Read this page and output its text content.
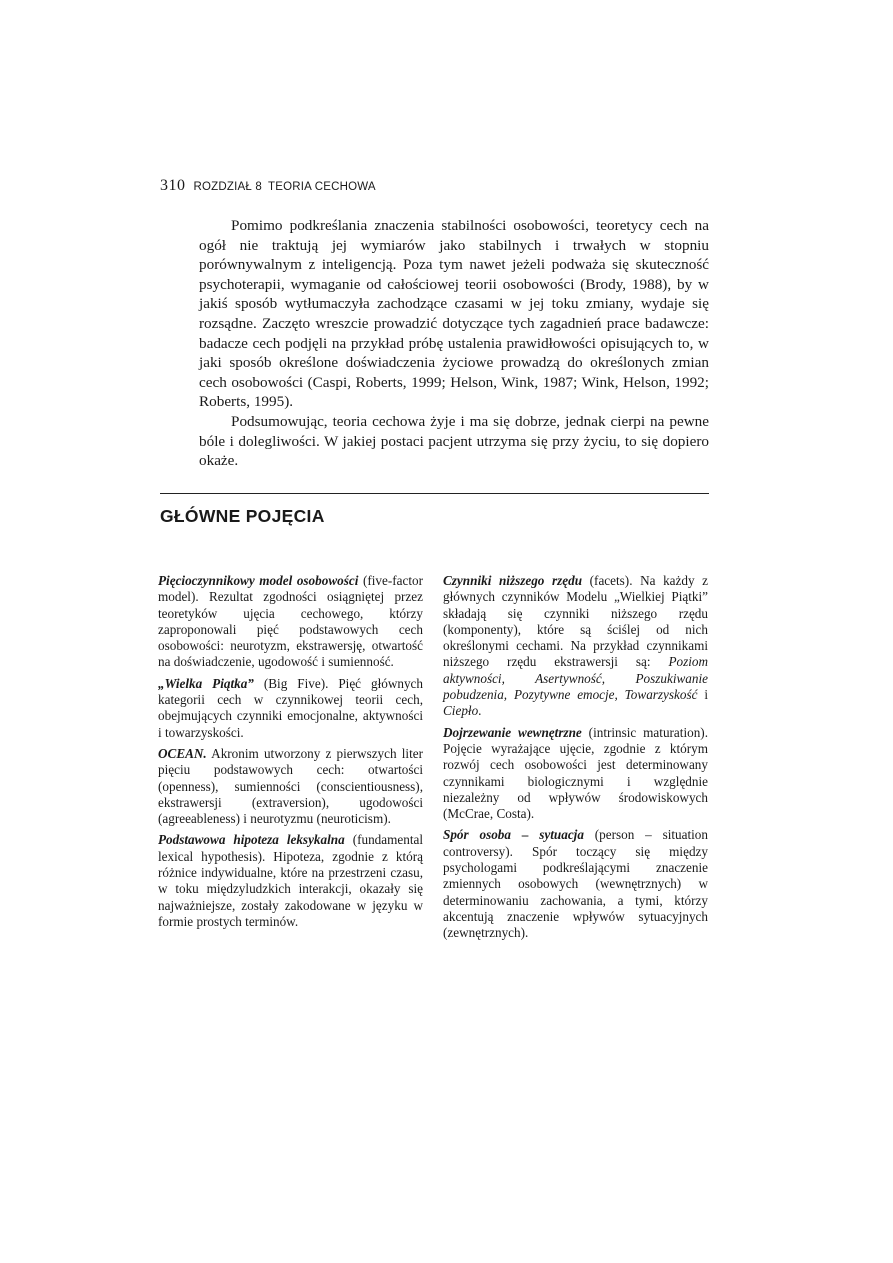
310 ROZDZIAŁ 8 TEORIA CECHOWA

Pomimo podkreślania znaczenia stabilności osobowości, teoretycy cech na ogół nie traktują jej wymiarów jako stabilnych i trwałych w stopniu porównywalnym z inteligencją. Poza tym nawet jeżeli podważa się skuteczność psychoterapii, wymaganie od całościowej teorii osobowości (Brody, 1988), by w jakiś sposób wytłumaczyła zachodzące czasami w jej toku zmiany, wydaje się rozsądne. Zaczęto wreszcie prowadzić dotyczące tych zagadnień prace badawcze: badacze cech podjęli na przykład próbę ustalenia prawidłowości opisujących to, w jaki sposób określone doświadczenia życiowe prowadzą do określonych zmian cech osobowości (Caspi, Roberts, 1999; Helson, Wink, 1987; Wink, Helson, 1992; Roberts, 1995).

Podsumowując, teoria cechowa żyje i ma się dobrze, jednak cierpi na pewne bóle i dolegliwości. W jakiej postaci pacjent utrzyma się przy życiu, to się dopiero okaże.

GŁÓWNE POJĘCIA

Pięcioczynnikowy model osobowości (five-factor model). Rezultat zgodności osiągniętej przez teoretyków ujęcia cechowego, którzy zaproponowali pięć podstawowych cech osobowości: neurotyzm, ekstrawersję, otwartość na doświadczenie, ugodowość i sumienność.

„Wielka Piątka” (Big Five). Pięć głównych kategorii cech w czynnikowej teorii cech, obejmujących czynniki emocjonalne, aktywności i towarzyskości.

OCEAN. Akronim utworzony z pierwszych liter pięciu podstawowych cech: otwartości (openness), sumienności (conscientiousness), ekstrawersji (extraversion), ugodowości (agreeableness) i neurotyzmu (neuroticism).

Podstawowa hipoteza leksykalna (fundamental lexical hypothesis). Hipoteza, zgodnie z którą różnice indywidualne, które na przestrzeni czasu, w toku międzyludzkich interakcji, okazały się najważniejsze, zostały zakodowane w języku w formie prostych terminów.

Czynniki niższego rzędu (facets). Na każdy z głównych czynników Modelu „Wielkiej Piątki” składają się czynniki niższego rzędu (komponenty), które są ściślej od nich określonymi cechami. Na przykład czynnikami niższego rzędu ekstrawersji są: Poziom aktywności, Asertywność, Poszukiwanie pobudzenia, Pozytywne emocje, Towarzyskość i Ciepło.

Dojrzewanie wewnętrzne (intrinsic maturation). Pojęcie wyrażające ujęcie, zgodnie z którym rozwój cech osobowości jest determinowany czynnikami biologicznymi i względnie niezależny od wpływów środowiskowych (McCrae, Costa).

Spór osoba – sytuacja (person – situation controversy). Spór toczący się między psychologami podkreślającymi znaczenie zmiennych osobowych (wewnętrznych) w determinowaniu zachowania, a tymi, którzy akcentują znaczenie wpływów sytuacyjnych (zewnętrznych).
